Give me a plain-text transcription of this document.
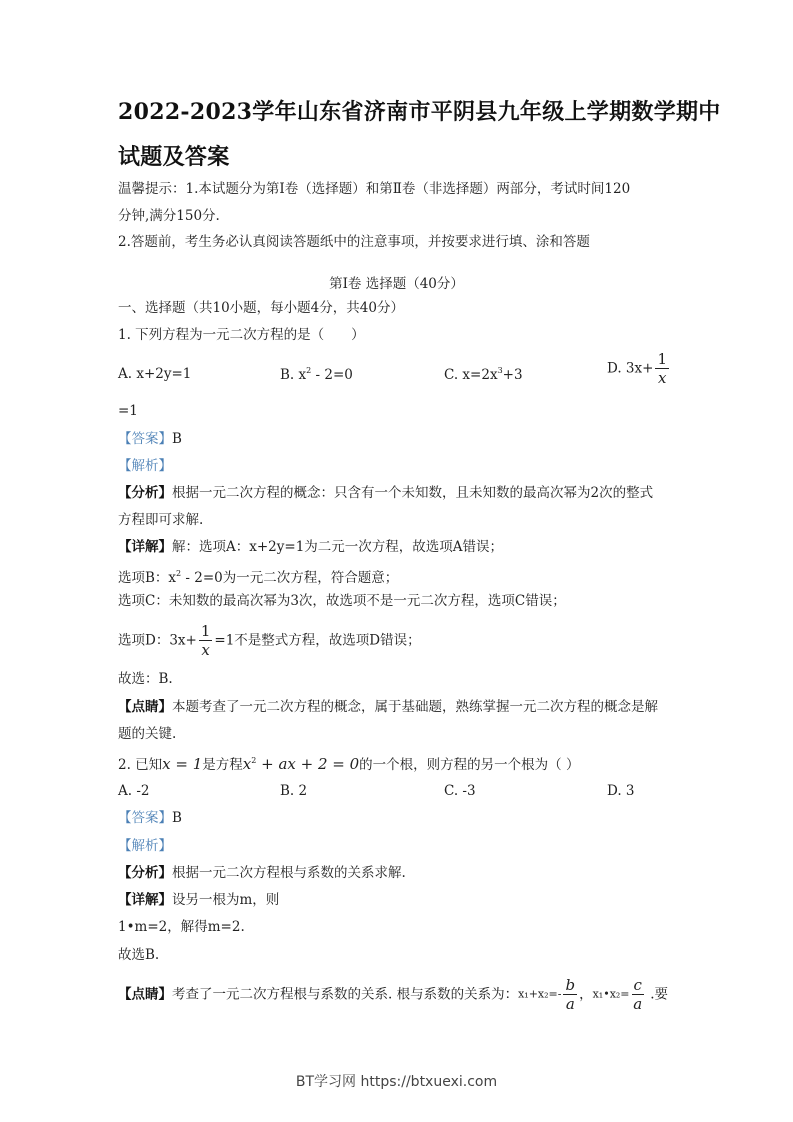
2022-2023学年山东省济南市平阴县九年级上学期数学期中
试题及答案
温馨提示：1.本试题分为第Ⅰ卷（选择题）和第Ⅱ卷（非选择题）两部分，考试时间120
分钟,满分150分.
2.答题前，考生务必认真阅读答题纸中的注意事项，并按要求进行填、涂和答题
第Ⅰ卷 选择题（40分）
一、选择题（共10小题，每小题4分，共40分）
1. 下列方程为一元二次方程的是（　　）
A. x+2y=1	B. $x^2 - 2=0$	C. $x=2x^3+3$	D. $3x+ \frac{1}{x}$
=1
【答案】B
【解析】
【分析】根据一元二次方程的概念：只含有一个未知数，且未知数的最高次幂为2次的整式
方程即可求解.
【详解】解：选项A：x+2y=1为二元一次方程，故选项A错误；
选项B：$x^2 - 2=0$为一元二次方程，符合题意；
选项C：未知数的最高次幂为3次，故选项不是一元二次方程，选项C错误；
选项D：$3x+ \frac{1}{x} =1$不是整式方程，故选项D错误；
故选：B.
【点睛】本题考查了一元二次方程的概念，属于基础题，熟练掌握一元二次方程的概念是解
题的关键.
2. 已知x = 1是方程$x^2$ + ax + 2 = 0的一个根，则方程的另一个根为（ ）
A. -2	B. 2	C. -3	D. 3
【答案】B
【解析】
【分析】根据一元二次方程根与系数的关系求解.
【详解】设另一根为m，则
1•m=2，解得m=2.
故选B.
【点睛】考查了一元二次方程根与系数的关系. 根与系数的关系为：$x_1+x_2=- \frac{b}{a}$ ，x₁•x₂= $\frac{c}{a}$ .要
BT学习网 https://btxuexi.com
